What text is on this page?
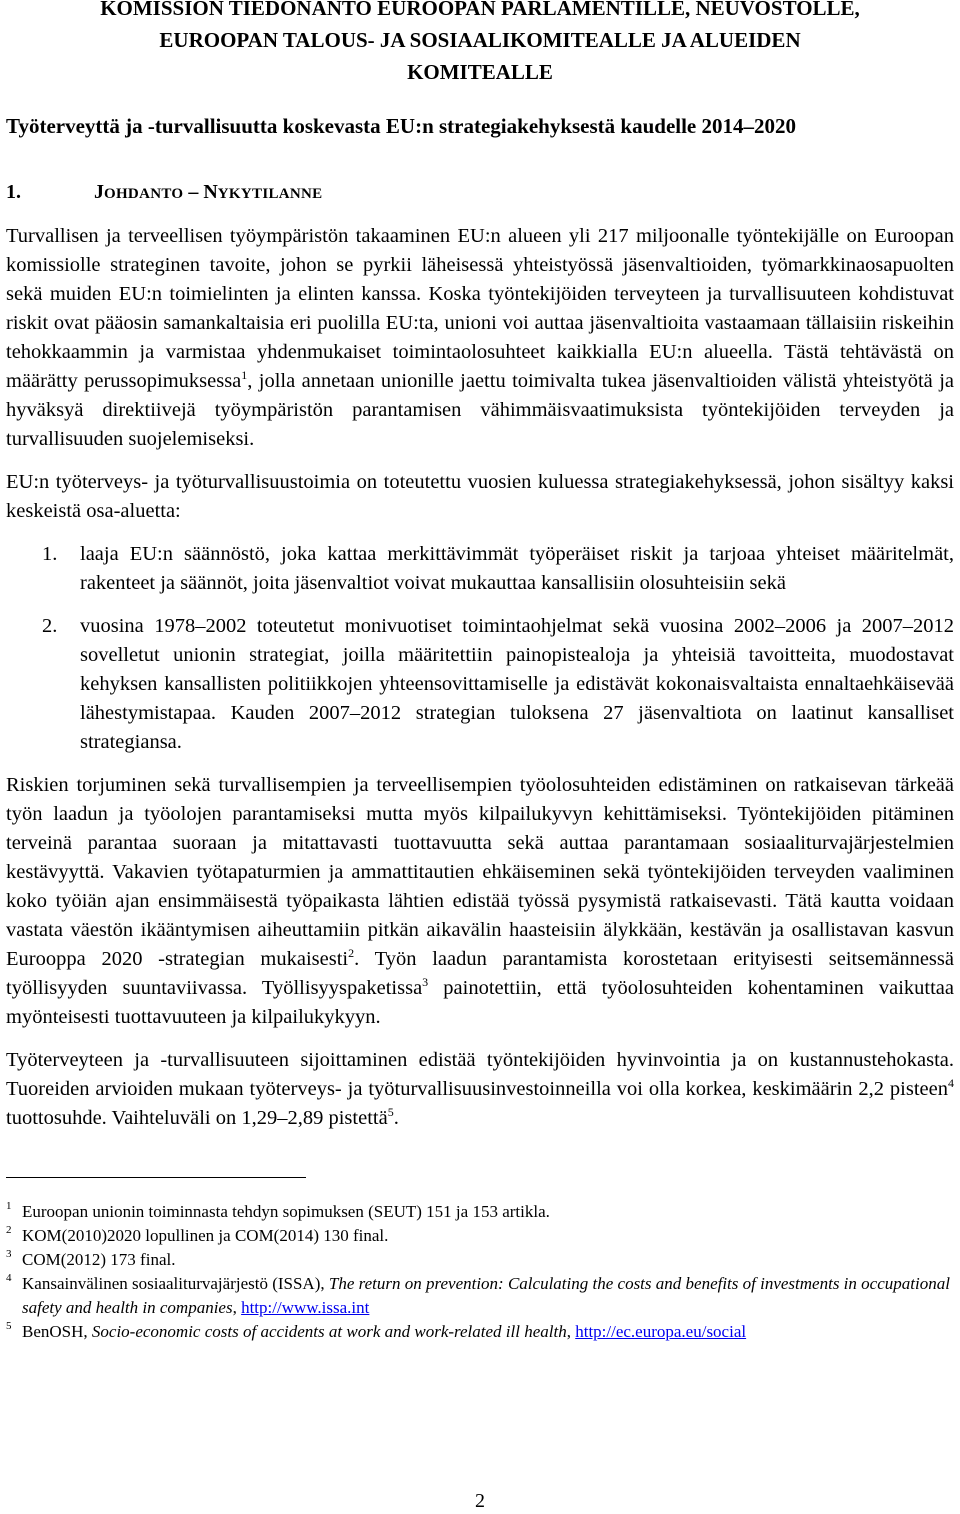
KOMISSION TIEDONANTO EUROOPAN PARLAMENTILLE, NEUVOSTOLLE,
EUROOPAN TALOUS- JA SOSIAALIKOMITEALLE JA ALUEIDEN
KOMITEALLE
Työterveyttä ja -turvallisuutta koskevasta EU:n strategiakehyksestä kaudelle 2014–2020
1.	JOHDANTO – NYKYTILANNE

Turvallisen ja terveellisen työympäristön takaaminen EU:n alueen yli 217 miljoonalle työntekijälle on Euroopan komissiolle strateginen tavoite, johon se pyrkii läheisessä yhteistyössä jäsenvaltioiden, työmarkkinaosapuolten sekä muiden EU:n toimielinten ja elinten kanssa. Koska työntekijöiden terveyteen ja turvallisuuteen kohdistuvat riskit ovat pääosin samankaltaisia eri puolilla EU:ta, unioni voi auttaa jäsenvaltioita vastaamaan tällaisiin riskeihin tehokkaammin ja varmistaa yhdenmukaiset toimintaolosuhteet kaikkialla EU:n alueella. Tästä tehtävästä on määrätty perussopimuksessa$^1$, jolla annetaan unionille jaettu toimivalta tukea jäsenvaltioiden välistä yhteistyötä ja hyväksyä direktiivejä työympäristön parantamisen vähimmäisvaatimuksista työntekijöiden terveyden ja turvallisuuden suojelemiseksi.

EU:n työterveys- ja työturvallisuustoimia on toteutettu vuosien kuluessa strategiakehyksessä, johon sisältyy kaksi keskeistä osa-aluetta:

1. laaja EU:n säännöstö, joka kattaa merkittävimmät työperäiset riskit ja tarjoaa yhteiset määritelmät, rakenteet ja säännöt, joita jäsenvaltiot voivat mukauttaa kansallisiin olosuhteisiin sekä
2. vuosina 1978–2002 toteutetut monivuotiset toimintaohjelmat sekä vuosina 2002–2006 ja 2007–2012 sovelletut unionin strategiat, joilla määritettiin painopistealoja ja yhteisiä tavoitteita, muodostavat kehyksen kansallisten politiikkojen yhteensovittamiselle ja edistävät kokonaisvaltaista ennaltaehkäisevää lähestymistapaa. Kauden 2007–2012 strategian tuloksena 27 jäsenvaltiota on laatinut kansalliset strategiansa.

Riskien torjuminen sekä turvallisempien ja terveellisempien työolosuhteiden edistäminen on ratkaisevan tärkeää työn laadun ja työolojen parantamiseksi mutta myös kilpailukyvyn kehittämiseksi. Työntekijöiden pitäminen terveinä parantaa suoraan ja mitattavasti tuottavuutta sekä auttaa parantamaan sosiaaliturvajärjestelmien kestävyyttä. Vakavien työtapaturmien ja ammattitautien ehkäiseminen sekä työntekijöiden terveyden vaaliminen koko työiän ajan ensimmäisestä työpaikasta lähtien edistää työssä pysymistä ratkaisevasti. Tätä kautta voidaan vastata väestön ikääntymisen aiheuttamiin pitkän aikavälin haasteisiin älykkään, kestävän ja osallistavan kasvun Eurooppa 2020 -strategian mukaisesti$^2$. Työn laadun parantamista korostetaan erityisesti seitsemännessä työllisyyden suuntaviivassa. Työllisyyspaketissa$^3$ painotettiin, että työolosuhteiden kohentaminen vaikuttaa myönteisesti tuottavuuteen ja kilpailukykyyn.

Työterveyteen ja -turvallisuuteen sijoittaminen edistää työntekijöiden hyvinvointia ja on kustannustehokasta. Tuoreiden arvioiden mukaan työterveys- ja työturvallisuusinvestoinneilla voi olla korkea, keskimäärin 2,2 pisteen$^4$ tuottosuhde. Vaihteluväli on 1,29–2,89 pistettä$^5$.

1 Euroopan unionin toiminnasta tehdyn sopimuksen (SEUT) 151 ja 153 artikla.
2 KOM(2010)2020 lopullinen ja COM(2014) 130 final.
3 COM(2012) 173 final.
4 Kansainvälinen sosiaaliturvajärjestö (ISSA), The return on prevention: Calculating the costs and benefits of investments in occupational safety and health in companies, http://www.issa.int
5 BenOSH, Socio-economic costs of accidents at work and work-related ill health, http://ec.europa.eu/social
2
